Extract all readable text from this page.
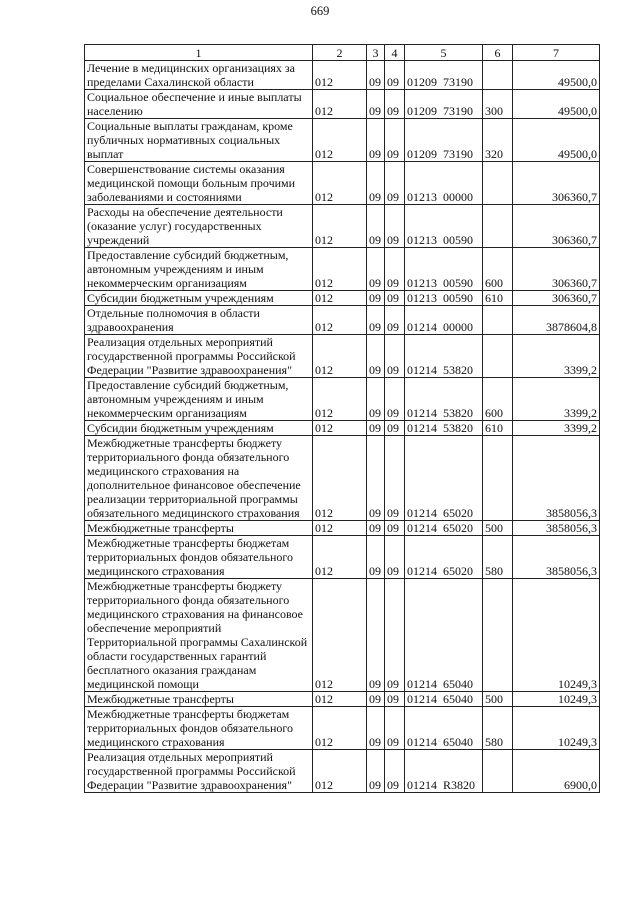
669
1	2	3	4	5	6	7
Лечение в медицинских организациях за пределами Сахалинской области	012	09	09	01209  73190		49500,0
Социальное обеспечение и иные выплаты населению	012	09	09	01209  73190	300	49500,0
Социальные выплаты гражданам, кроме публичных нормативных социальных выплат	012	09	09	01209  73190	320	49500,0
Совершенствование системы оказания медицинской помощи больным прочими заболеваниями и состояниями	012	09	09	01213  00000		306360,7
Расходы на обеспечение деятельности (оказание услуг) государственных учреждений	012	09	09	01213  00590		306360,7
Предоставление субсидий бюджетным, автономным учреждениям и иным некоммерческим организациям	012	09	09	01213  00590	600	306360,7
Субсидии бюджетным учреждениям	012	09	09	01213  00590	610	306360,7
Отдельные полномочия в области здравоохранения	012	09	09	01214  00000		3878604,8
Реализация отдельных мероприятий государственной программы Российской Федерации "Развитие здравоохранения"	012	09	09	01214  53820		3399,2
Предоставление субсидий бюджетным, автономным учреждениям и иным некоммерческим организациям	012	09	09	01214  53820	600	3399,2
Субсидии бюджетным учреждениям	012	09	09	01214  53820	610	3399,2
Межбюджетные трансферты бюджету территориального фонда обязательного медицинского страхования на дополнительное финансовое обеспечение реализации территориальной программы обязательного медицинского страхования	012	09	09	01214  65020		3858056,3
Межбюджетные трансферты	012	09	09	01214  65020	500	3858056,3
Межбюджетные трансферты бюджетам территориальных фондов обязательного медицинского страхования	012	09	09	01214  65020	580	3858056,3
Межбюджетные трансферты бюджету территориального фонда обязательного медицинского страхования на финансовое обеспечение мероприятий Территориальной программы Сахалинской области государственных гарантий бесплатного оказания гражданам медицинской помощи	012	09	09	01214  65040		10249,3
Межбюджетные трансферты	012	09	09	01214  65040	500	10249,3
Межбюджетные трансферты бюджетам территориальных фондов обязательного медицинского страхования	012	09	09	01214  65040	580	10249,3
Реализация отдельных мероприятий государственной программы Российской Федерации "Развитие здравоохранения"	012	09	09	01214  R3820		6900,0
